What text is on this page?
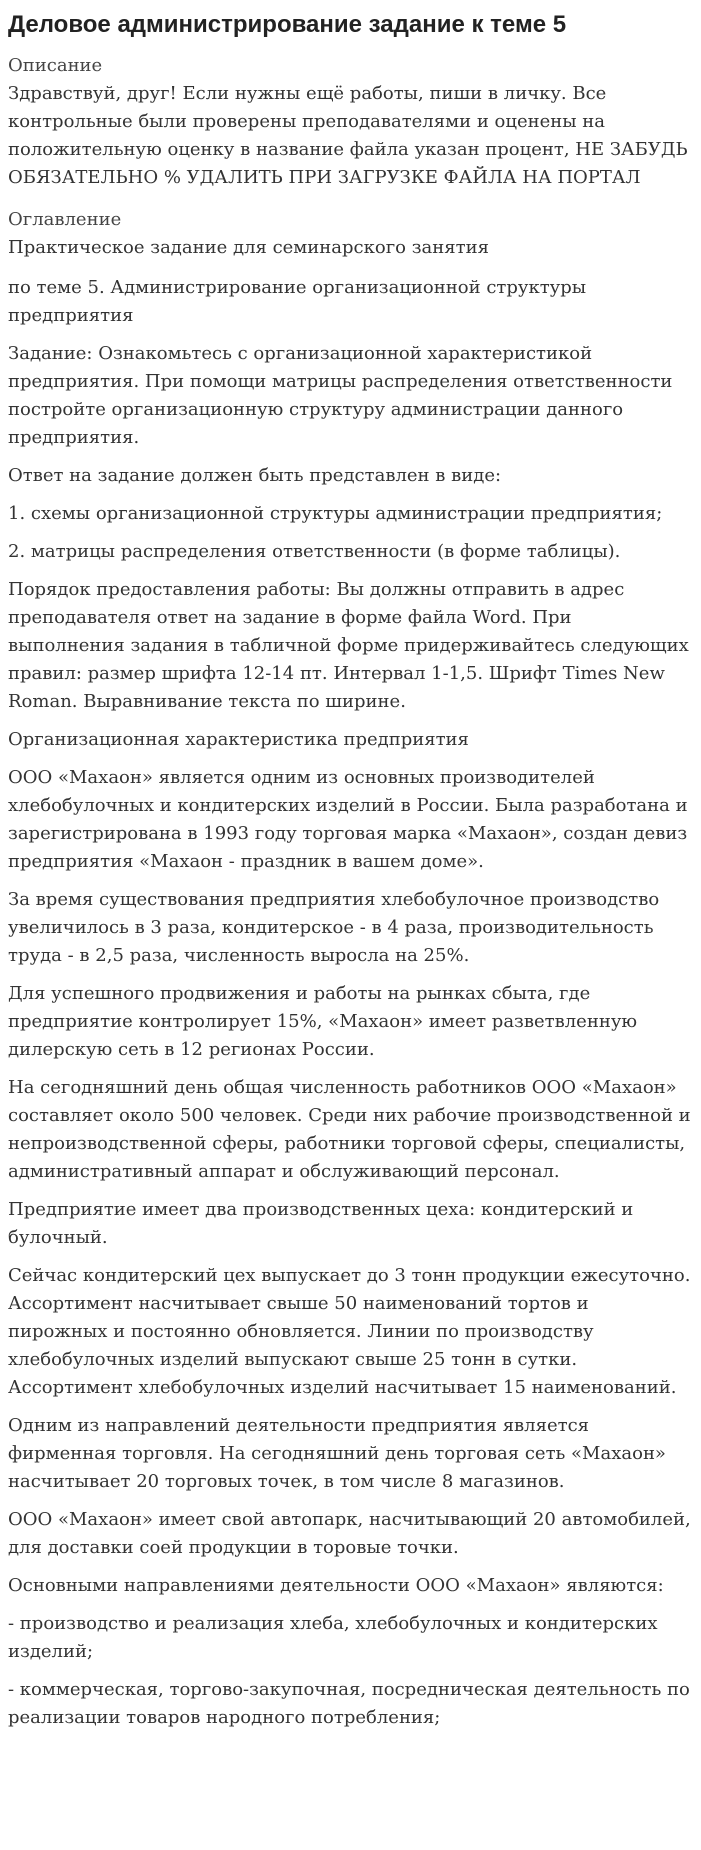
Деловое администрирование задание к теме 5

Описание

Здравствуй, друг! Если нужны ещё работы, пиши в личку. Все контрольные были проверены преподавателями и оценены на положительную оценку в название файла указан процент, НЕ ЗАБУДЬ ОБЯЗАТЕЛЬНО % УДАЛИТЬ ПРИ ЗАГРУЗКЕ ФАЙЛА НА ПОРТАЛ

Оглавление

Практическое задание для семинарского занятия

по теме 5. Администрирование организационной структуры предприятия

Задание: Ознакомьтесь с организационной характеристикой предприятия. При помощи матрицы распределения ответственности постройте организационную структуру администрации данного предприятия.

Ответ на задание должен быть представлен в виде:

1. схемы организационной структуры администрации предприятия;

2. матрицы распределения ответственности (в форме таблицы).

Порядок предоставления работы: Вы должны отправить в адрес преподавателя ответ на задание в форме файла Word. При выполнения задания в табличной форме придерживайтесь следующих правил: размер шрифта 12-14 пт. Интервал 1-1,5. Шрифт Times New Roman. Выравнивание текста по ширине.

Организационная характеристика предприятия

ООО «Махаон» является одним из основных производителей хлебобулочных и кондитерских изделий в России. Была разработана и зарегистрирована в 1993 году торговая марка «Махаон», создан девиз предприятия «Махаон - праздник в вашем доме».

За время существования предприятия хлебобулочное производство увеличилось в 3 раза, кондитерское - в 4 раза, производительность труда - в 2,5 раза, численность выросла на 25%.

Для успешного продвижения и работы на рынках сбыта, где предприятие контролирует 15%, «Махаон» имеет разветвленную дилерскую сеть в 12 регионах России.

На сегодняшний день общая численность работников ООО «Махаон» составляет около 500 человек. Среди них рабочие производственной и непроизводственной сферы, работники торговой сферы, специалисты, административный аппарат и обслуживающий персонал.

Предприятие имеет два производственных цеха: кондитерский и булочный.

Сейчас кондитерский цех выпускает до 3 тонн продукции ежесуточно. Ассортимент насчитывает свыше 50 наименований тортов и пирожных и постоянно обновляется. Линии по производству хлебобулочных изделий выпускают свыше 25 тонн в сутки. Ассортимент хлебобулочных изделий насчитывает 15 наименований.

Одним из направлений деятельности предприятия является фирменная торговля. На сегодняшний день торговая сеть «Махаон» насчитывает 20 торговых точек, в том числе 8 магазинов.

ООО «Махаон» имеет свой автопарк, насчитывающий 20 автомобилей, для доставки соей продукции в торовые точки.

Основными направлениями деятельности ООО «Махаон» являются:

- производство и реализация хлеба, хлебобулочных и кондитерских изделий;

- коммерческая, торгово-закупочная, посредническая деятельность по реализации товаров народного потребления;
